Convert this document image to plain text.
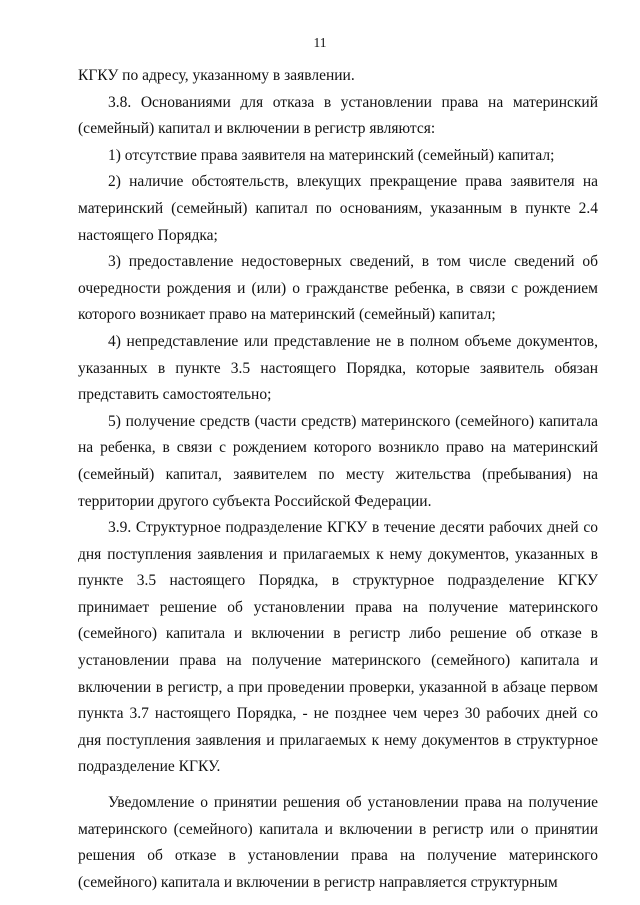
11

КГКУ по адресу, указанному в заявлении.

3.8. Основаниями для отказа в установлении права на материнский (семейный) капитал и включении в регистр являются:

1) отсутствие права заявителя на материнский (семейный) капитал;

2) наличие обстоятельств, влекущих прекращение права заявителя на материнский (семейный) капитал по основаниям, указанным в пункте 2.4 настоящего Порядка;

3) предоставление недостоверных сведений, в том числе сведений об очередности рождения и (или) о гражданстве ребенка, в связи с рождением которого возникает право на материнский (семейный) капитал;

4) непредставление или представление не в полном объеме документов, указанных в пункте 3.5 настоящего Порядка, которые заявитель обязан представить самостоятельно;

5) получение средств (части средств) материнского (семейного) капитала на ребенка, в связи с рождением которого возникло право на материнский (семейный) капитал, заявителем по месту жительства (пребывания) на территории другого субъекта Российской Федерации.

3.9. Структурное подразделение КГКУ в течение десяти рабочих дней со дня поступления заявления и прилагаемых к нему документов, указанных в пункте 3.5 настоящего Порядка, в структурное подразделение КГКУ принимает решение об установлении права на получение материнского (семейного) капитала и включении в регистр либо решение об отказе в установлении права на получение материнского (семейного) капитала и включении в регистр, а при проведении проверки, указанной в абзаце первом пункта 3.7 настоящего Порядка, - не позднее чем через 30 рабочих дней со дня поступления заявления и прилагаемых к нему документов в структурное подразделение КГКУ.

Уведомление о принятии решения об установлении права на получение материнского (семейного) капитала и включении в регистр или о принятии решения об отказе в установлении права на получение материнского (семейного) капитала и включении в регистр направляется структурным
